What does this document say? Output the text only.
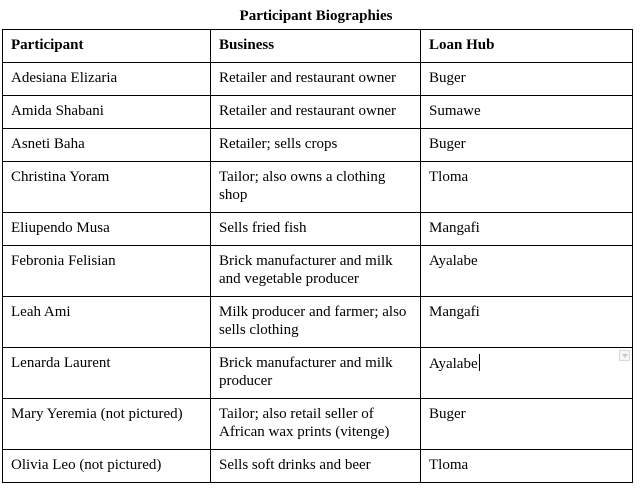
Participant Biographies
Participant	Business	Loan Hub
Adesiana Elizaria	Retailer and restaurant owner	Buger
Amida Shabani	Retailer and restaurant owner	Sumawe
Asneti Baha	Retailer; sells crops	Buger
Christina Yoram	Tailor; also owns a clothing shop	Tloma
Eliupendo Musa	Sells fried fish	Mangafi
Febronia Felisian	Brick manufacturer and milk and vegetable producer	Ayalabe
Leah Ami	Milk producer and farmer; also sells clothing	Mangafi
Lenarda Laurent	Brick manufacturer and milk producer	Ayalabe

Mary Yeremia (not pictured)	Tailor; also retail seller of African wax prints (vitenge)	Buger
Olivia Leo (not pictured)	Sells soft drinks and beer	Tloma
